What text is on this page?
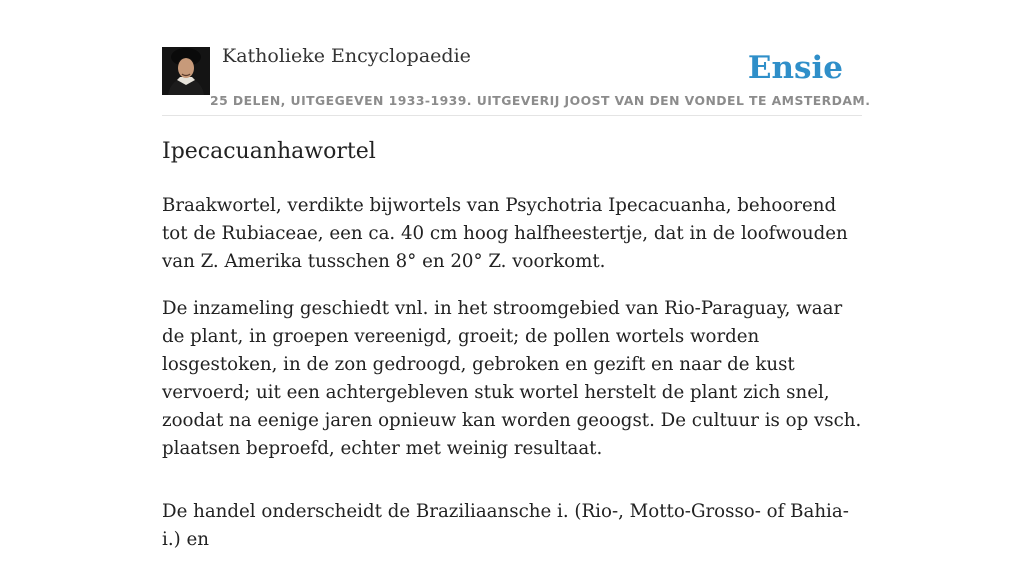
Katholieke Encyclopaedie	Ensie
25 DELEN, UITGEGEVEN 1933-1939. UITGEVERIJ JOOST VAN DEN VONDEL TE AMSTERDAM.
Ipecacuanhawortel

Braakwortel, verdikte bijwortels van Psychotria Ipecacuanha, behoorend tot de Rubiaceae, een ca. 40 cm hoog halfheestertje, dat in de loofwouden van Z. Amerika tusschen 8° en 20° Z. voorkomt.

De inzameling geschiedt vnl. in het stroomgebied van Rio-Paraguay, waar de plant, in groepen vereenigd, groeit; de pollen wortels worden losgestoken, in de zon gedroogd, gebroken en gezift en naar de kust vervoerd; uit een achtergebleven stuk wortel herstelt de plant zich snel, zoodat na eenige jaren opnieuw kan worden geoogst. De cultuur is op vsch. plaatsen beproefd, echter met weinig resultaat.

De handel onderscheidt de Braziliaansche i. (Rio-, Motto-Grosso- of Bahia-i.) en
